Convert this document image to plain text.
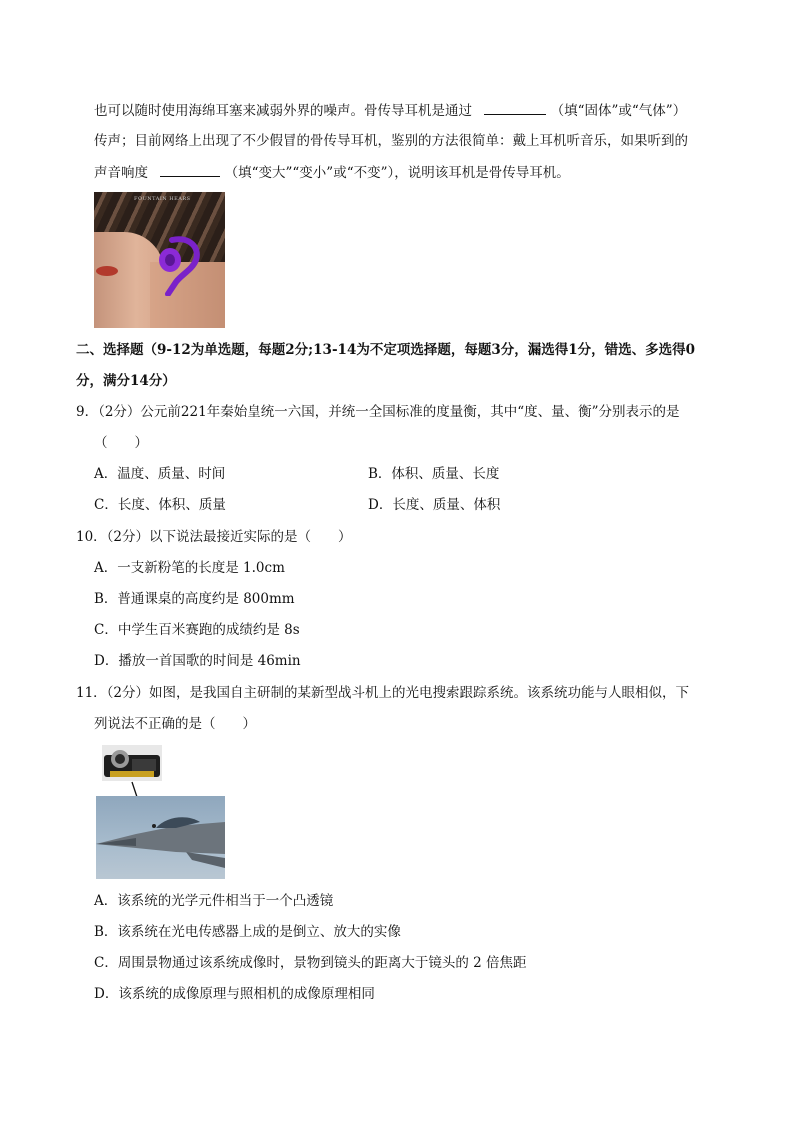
也可以随时使用海绵耳塞来减弱外界的噪声。骨传导耳机是通过	（填“固体”或“气体”）
传声；目前网络上出现了不少假冒的骨传导耳机，鉴别的方法很简单：戴上耳机听音乐，如果听到的
声音响度	（填“变大”“变小”或“不变”），说明该耳机是骨传导耳机。
FOUNTAIN HEARS
二、选择题（9-12为单选题，每题2分;13-14为不定项选择题，每题3分，漏选得1分，错选、多选得0
分，满分14分）
9．（2分）公元前221年秦始皇统一六国，并统一全国标准的度量衡，其中“度、量、衡”分别表示的是
（　　）
A．温度、质量、时间	B．体积、质量、长度
C．长度、体积、质量	D．长度、质量、体积
10．（2分）以下说法最接近实际的是（　　）
A．一支新粉笔的长度是 1.0cm
B．普通课桌的高度约是 800mm
C．中学生百米赛跑的成绩约是 8s
D．播放一首国歌的时间是 46min
11．（2分）如图，是我国自主研制的某新型战斗机上的光电搜索跟踪系统。该系统功能与人眼相似，下
列说法不正确的是（　　）
A．该系统的光学元件相当于一个凸透镜
B．该系统在光电传感器上成的是倒立、放大的实像
C．周围景物通过该系统成像时，景物到镜头的距离大于镜头的 2 倍焦距
D．该系统的成像原理与照相机的成像原理相同
